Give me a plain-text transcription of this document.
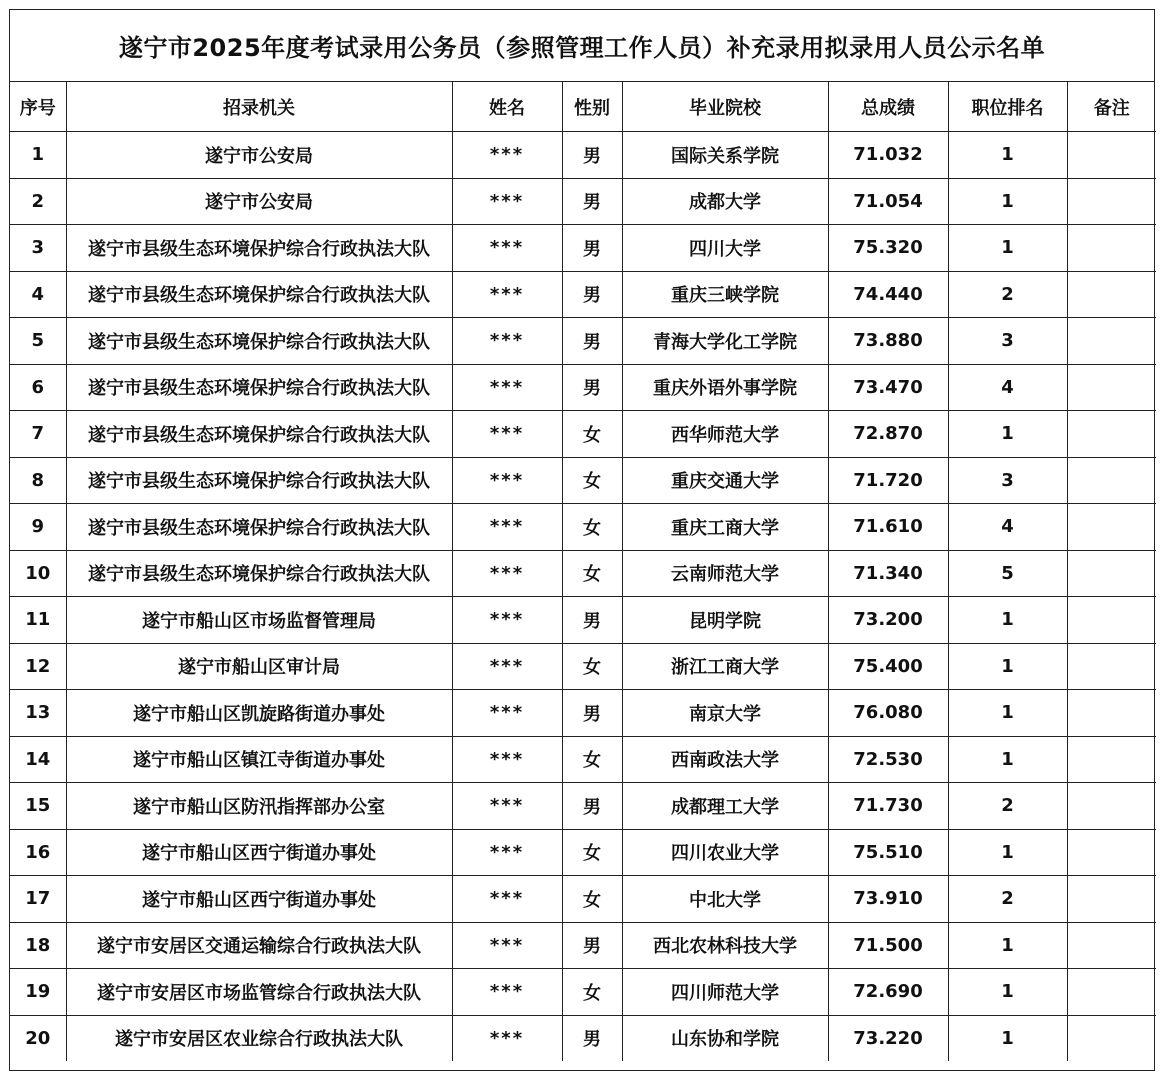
遂宁市2025年度考试录用公务员（参照管理工作人员）补充录用拟录用人员公示名单
序号	招录机关	姓名	性别	毕业院校	总成绩	职位排名	备注
1	遂宁市公安局	***	男	国际关系学院	71.032	1	
2	遂宁市公安局	***	男	成都大学	71.054	1	
3	遂宁市县级生态环境保护综合行政执法大队	***	男	四川大学	75.320	1	
4	遂宁市县级生态环境保护综合行政执法大队	***	男	重庆三峡学院	74.440	2	
5	遂宁市县级生态环境保护综合行政执法大队	***	男	青海大学化工学院	73.880	3	
6	遂宁市县级生态环境保护综合行政执法大队	***	男	重庆外语外事学院	73.470	4	
7	遂宁市县级生态环境保护综合行政执法大队	***	女	西华师范大学	72.870	1	
8	遂宁市县级生态环境保护综合行政执法大队	***	女	重庆交通大学	71.720	3	
9	遂宁市县级生态环境保护综合行政执法大队	***	女	重庆工商大学	71.610	4	
10	遂宁市县级生态环境保护综合行政执法大队	***	女	云南师范大学	71.340	5	
11	遂宁市船山区市场监督管理局	***	男	昆明学院	73.200	1	
12	遂宁市船山区审计局	***	女	浙江工商大学	75.400	1	
13	遂宁市船山区凯旋路街道办事处	***	男	南京大学	76.080	1	
14	遂宁市船山区镇江寺街道办事处	***	女	西南政法大学	72.530	1	
15	遂宁市船山区防汛指挥部办公室	***	男	成都理工大学	71.730	2	
16	遂宁市船山区西宁街道办事处	***	女	四川农业大学	75.510	1	
17	遂宁市船山区西宁街道办事处	***	女	中北大学	73.910	2	
18	遂宁市安居区交通运输综合行政执法大队	***	男	西北农林科技大学	71.500	1	
19	遂宁市安居区市场监管综合行政执法大队	***	女	四川师范大学	72.690	1	
20	遂宁市安居区农业综合行政执法大队	***	男	山东协和学院	73.220	1	
